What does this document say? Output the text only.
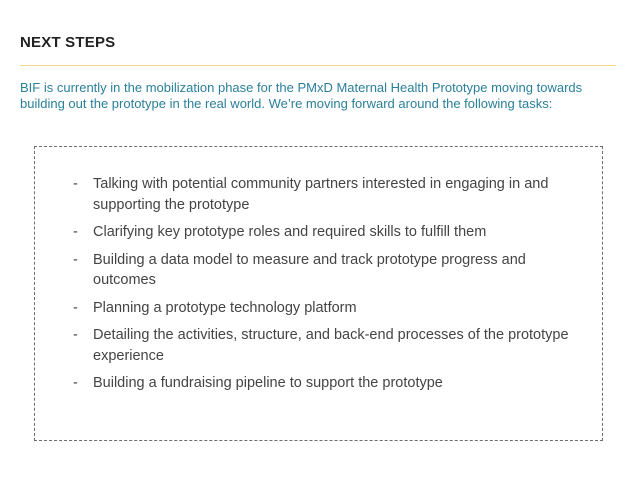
NEXT STEPS
BIF is currently in the mobilization phase for the PMxD Maternal Health Prototype moving towards building out the prototype in the real world. We’re moving forward around the following tasks:
- Talking with potential community partners interested in engaging in and supporting the prototype
- Clarifying key prototype roles and required skills to fulfill them
- Building a data model to measure and track prototype progress and outcomes
- Planning a prototype technology platform
- Detailing the activities, structure, and back-end processes of the prototype experience
- Building a fundraising pipeline to support the prototype
